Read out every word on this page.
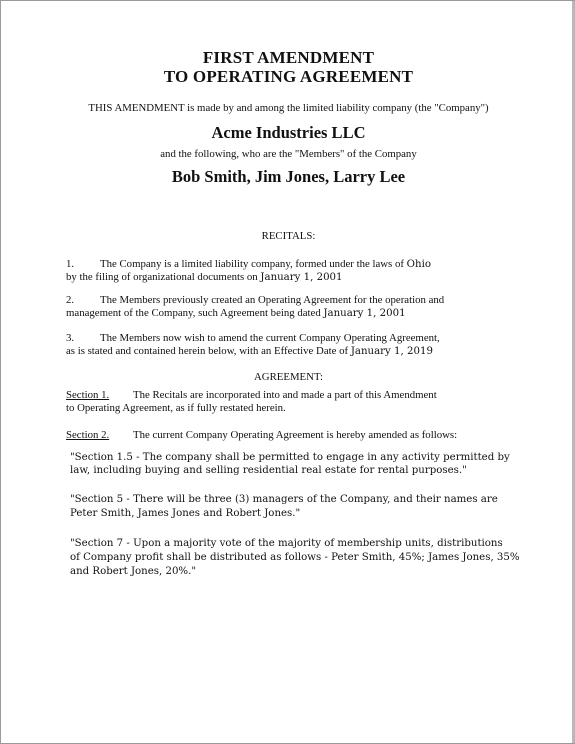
FIRST AMENDMENT
TO OPERATING AGREEMENT
THIS AMENDMENT is made by and among the limited liability company (the "Company")
Acme Industries LLC
and the following, who are the "Members" of the Company
Bob Smith, Jim Jones, Larry Lee
RECITALS:
1. The Company is a limited liability company, formed under the laws of Ohio
by the filing of organizational documents on January 1, 2001
2. The Members previously created an Operating Agreement for the operation and
management of the Company, such Agreement being dated January 1, 2001
3. The Members now wish to amend the current Company Operating Agreement,
as is stated and contained herein below, with an Effective Date of January 1, 2019
AGREEMENT:
Section 1. The Recitals are incorporated into and made a part of this Amendment
to Operating Agreement, as if fully restated herein.
Section 2. The current Company Operating Agreement is hereby amended as follows:
"Section 1.5 - The company shall be permitted to engage in any activity permitted by
law, including buying and selling residential real estate for rental purposes."
"Section 5 - There will be three (3) managers of the Company, and their names are
Peter Smith, James Jones and Robert Jones."
"Section 7 - Upon a majority vote of the majority of membership units, distributions
of Company profit shall be distributed as follows - Peter Smith, 45%; James Jones, 35%
and Robert Jones, 20%."
